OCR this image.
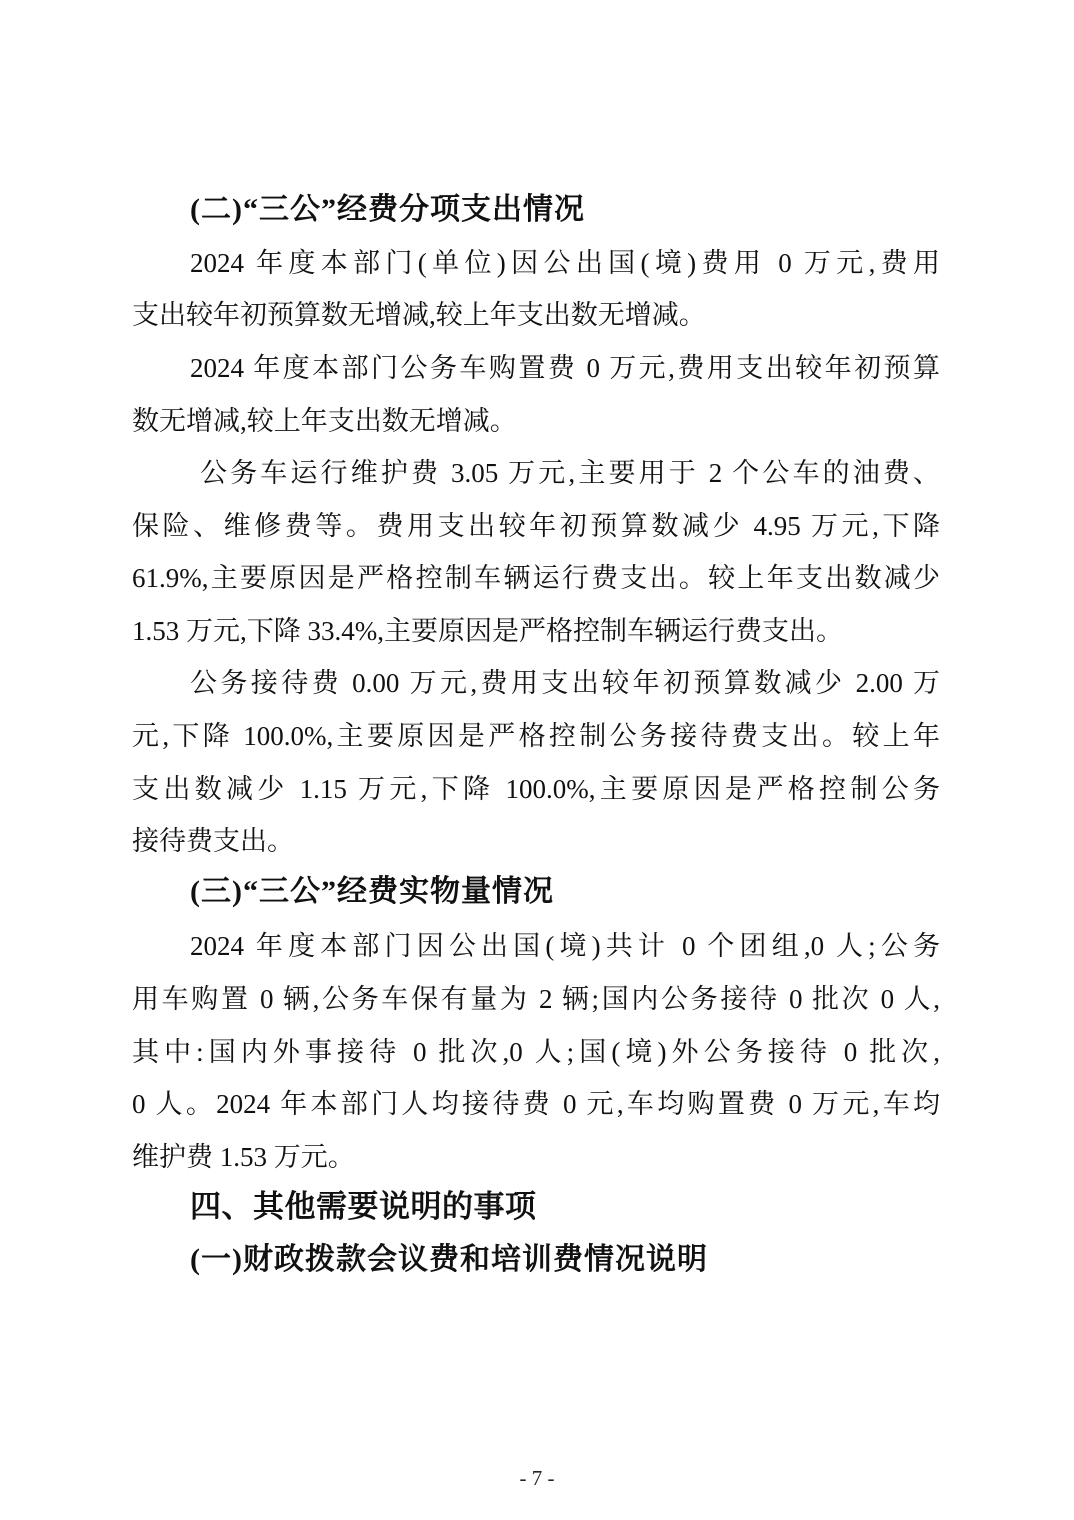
(二)“三公”经费分项支出情况
2024 年度本部门(单位)因公出国(境)费用 0 万元,费用
支出较年初预算数无增减,较上年支出数无增减。
2024 年度本部门公务车购置费 0 万元,费用支出较年初预算
数无增减,较上年支出数无增减。
公务车运行维护费 3.05 万元,主要用于 2 个公车的油费、
保险、维修费等。费用支出较年初预算数减少 4.95 万元,下降
61.9%,主要原因是严格控制车辆运行费支出。较上年支出数减少
1.53 万元,下降 33.4%,主要原因是严格控制车辆运行费支出。
公务接待费 0.00 万元,费用支出较年初预算数减少 2.00 万
元,下降 100.0%,主要原因是严格控制公务接待费支出。较上年
支出数减少 1.15 万元,下降 100.0%,主要原因是严格控制公务
接待费支出。
(三)“三公”经费实物量情况
2024 年度本部门因公出国(境)共计 0 个团组,0 人;公务
用车购置 0 辆,公务车保有量为 2 辆;国内公务接待 0 批次 0 人,
其中:国内外事接待 0 批次,0 人;国(境)外公务接待 0 批次,
0 人。2024 年本部门人均接待费 0 元,车均购置费 0 万元,车均
维护费 1.53 万元。
四、其他需要说明的事项
(一)财政拨款会议费和培训费情况说明
- 7 -
